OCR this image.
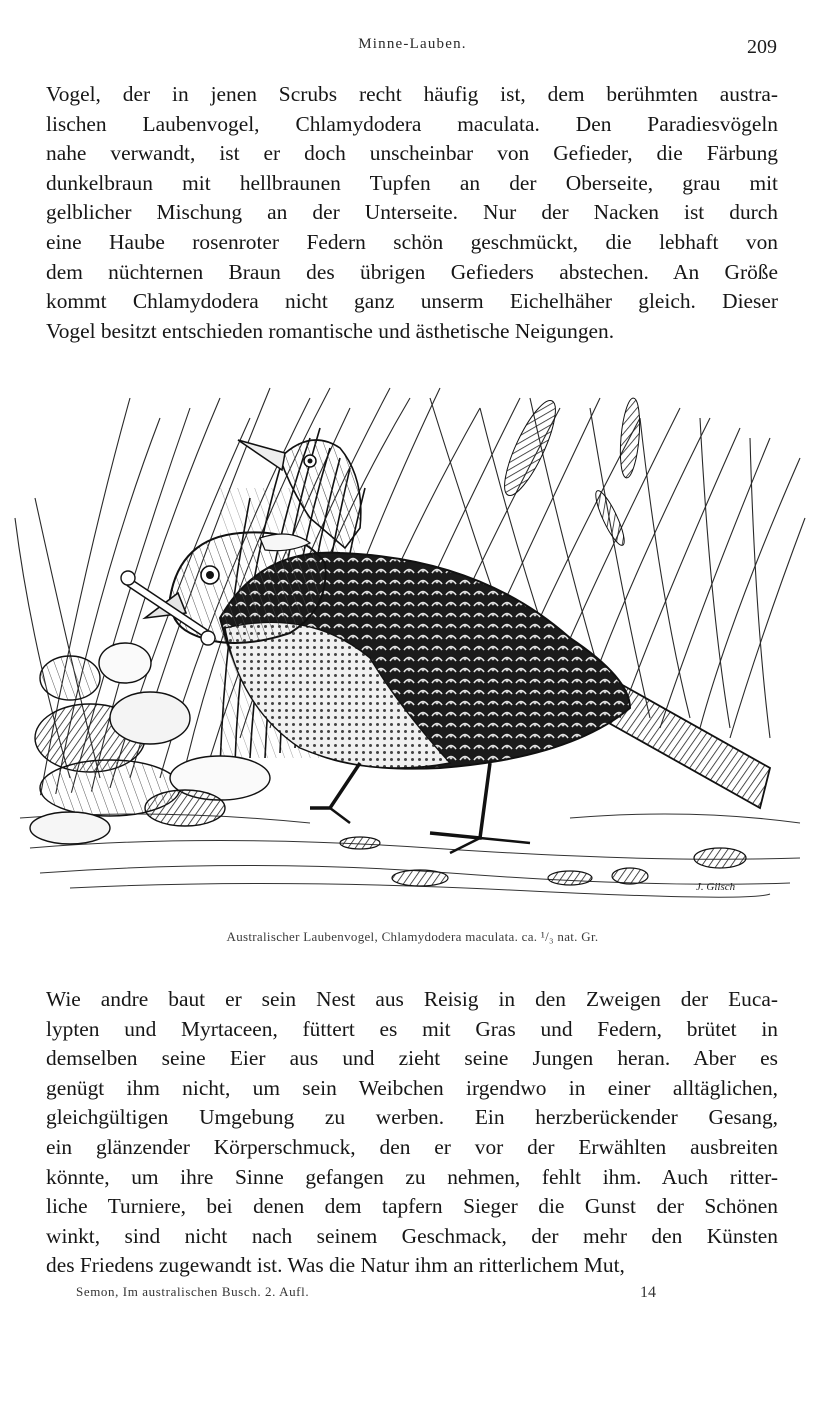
Minne-Lauben.	209
Vogel, der in jenen Scrubs recht häufig ist, dem berühmten austra-
lischen Laubenvogel, Chlamydodera maculata. Den Paradiesvögeln
nahe verwandt, ist er doch unscheinbar von Gefieder, die Färbung
dunkelbraun mit hellbraunen Tupfen an der Oberseite, grau mit
gelblicher Mischung an der Unterseite. Nur der Nacken ist durch
eine Haube rosenroter Federn schön geschmückt, die lebhaft von
dem nüchternen Braun des übrigen Gefieders abstechen. An Größe
kommt Chlamydodera nicht ganz unserm Eichelhäher gleich. Dieser
Vogel besitzt entschieden romantische und ästhetische Neigungen.
J. Gilsch
Australischer Laubenvogel, Chlamydodera maculata. ca. ¹/₃ nat. Gr.
Wie andre baut er sein Nest aus Reisig in den Zweigen der Euca-
lypten und Myrtaceen, füttert es mit Gras und Federn, brütet in
demselben seine Eier aus und zieht seine Jungen heran. Aber es
genügt ihm nicht, um sein Weibchen irgendwo in einer alltäglichen,
gleichgültigen Umgebung zu werben. Ein herzberückender Gesang,
ein glänzender Körperschmuck, den er vor der Erwählten ausbreiten
könnte, um ihre Sinne gefangen zu nehmen, fehlt ihm. Auch ritter-
liche Turniere, bei denen dem tapfern Sieger die Gunst der Schönen
winkt, sind nicht nach seinem Geschmack, der mehr den Künsten
des Friedens zugewandt ist. Was die Natur ihm an ritterlichem Mut,
Semon, Im australischen Busch. 2. Aufl.	14
